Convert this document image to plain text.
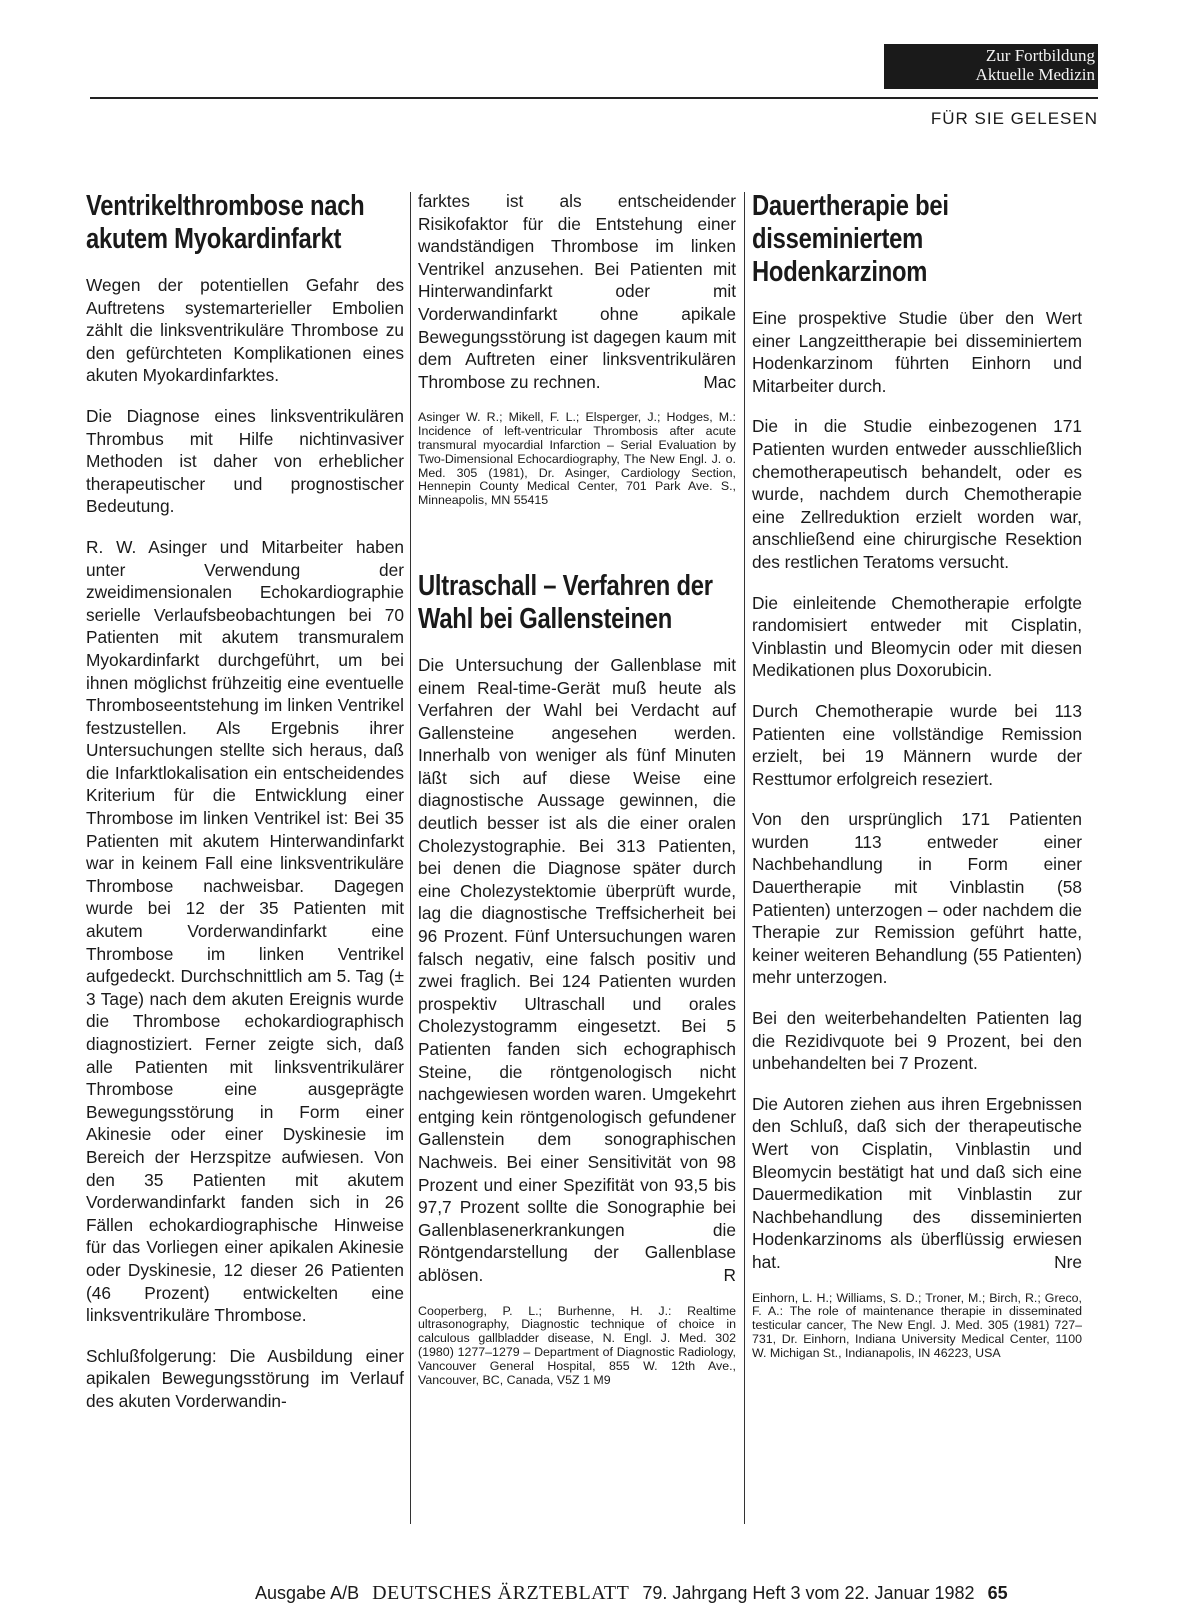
Zur Fortbildung
Aktuelle Medizin
FÜR SIE GELESEN
Ventrikelthrombose nach akutem Myokardinfarkt

Wegen der potentiellen Gefahr des Auftretens systemarterieller Embolien zählt die linksventrikuläre Thrombose zu den gefürchteten Komplikationen eines akuten Myokardinfarktes.

Die Diagnose eines linksventrikulären Thrombus mit Hilfe nichtinvasiver Methoden ist daher von erheblicher therapeutischer und prognostischer Bedeutung.

R. W. Asinger und Mitarbeiter haben unter Verwendung der zweidimensionalen Echokardiographie serielle Verlaufsbeobachtungen bei 70 Patienten mit akutem transmuralem Myokardinfarkt durchgeführt, um bei ihnen möglichst frühzeitig eine eventuelle Thromboseentstehung im linken Ventrikel festzustellen. Als Ergebnis ihrer Untersuchungen stellte sich heraus, daß die Infarktlokalisation ein entscheidendes Kriterium für die Entwicklung einer Thrombose im linken Ventrikel ist: Bei 35 Patienten mit akutem Hinterwandinfarkt war in keinem Fall eine linksventrikuläre Thrombose nachweisbar. Dagegen wurde bei 12 der 35 Patienten mit akutem Vorderwandinfarkt eine Thrombose im linken Ventrikel aufgedeckt. Durchschnittlich am 5. Tag (± 3 Tage) nach dem akuten Ereignis wurde die Thrombose echokardiographisch diagnostiziert. Ferner zeigte sich, daß alle Patienten mit linksventrikulärer Thrombose eine ausgeprägte Bewegungsstörung in Form einer Akinesie oder einer Dyskinesie im Bereich der Herzspitze aufwiesen. Von den 35 Patienten mit akutem Vorderwandinfarkt fanden sich in 26 Fällen echokardiographische Hinweise für das Vorliegen einer apikalen Akinesie oder Dyskinesie, 12 dieser 26 Patienten (46 Prozent) entwickelten eine linksventrikuläre Thrombose.

Schlußfolgerung: Die Ausbildung einer apikalen Bewegungsstörung im Verlauf des akuten Vorderwandin-

farktes ist als entscheidender Risikofaktor für die Entstehung einer wandständigen Thrombose im linken Ventrikel anzusehen. Bei Patienten mit Hinterwandinfarkt oder mit Vorderwandinfarkt ohne apikale Bewegungsstörung ist dagegen kaum mit dem Auftreten einer linksventrikulären Thrombose zu rechnen.	Mac

Asinger W. R.; Mikell, F. L.; Elsperger, J.; Hodges, M.: Incidence of left-ventricular Thrombosis after acute transmural myocardial Infarction – Serial Evaluation by Two-Dimensional Echocardiography, The New Engl. J. o. Med. 305 (1981), Dr. Asinger, Cardiology Section, Hennepin County Medical Center, 701 Park Ave. S., Minneapolis, MN 55415

Ultraschall – Verfahren der Wahl bei Gallensteinen

Die Untersuchung der Gallenblase mit einem Real-time-Gerät muß heute als Verfahren der Wahl bei Verdacht auf Gallensteine angesehen werden. Innerhalb von weniger als fünf Minuten läßt sich auf diese Weise eine diagnostische Aussage gewinnen, die deutlich besser ist als die einer oralen Cholezystographie. Bei 313 Patienten, bei denen die Diagnose später durch eine Cholezystektomie überprüft wurde, lag die diagnostische Treffsicherheit bei 96 Prozent. Fünf Untersuchungen waren falsch negativ, eine falsch positiv und zwei fraglich. Bei 124 Patienten wurden prospektiv Ultraschall und orales Cholezystogramm eingesetzt. Bei 5 Patienten fanden sich echographisch Steine, die röntgenologisch nicht nachgewiesen worden waren. Umgekehrt entging kein röntgenologisch gefundener Gallenstein dem sonographischen Nachweis. Bei einer Sensitivität von 98 Prozent und einer Spezifität von 93,5 bis 97,7 Prozent sollte die Sonographie bei Gallenblasenerkrankungen die Röntgendarstellung der Gallenblase ablösen.	R

Cooperberg, P. L.; Burhenne, H. J.: Realtime ultrasonography, Diagnostic technique of choice in calculous gallbladder disease, N. Engl. J. Med. 302 (1980) 1277–1279 – Department of Diagnostic Radiology, Vancouver General Hospital, 855 W. 12th Ave., Vancouver, BC, Canada, V5Z 1 M9

Dauertherapie bei disseminiertem Hodenkarzinom

Eine prospektive Studie über den Wert einer Langzeittherapie bei disseminiertem Hodenkarzinom führten Einhorn und Mitarbeiter durch.

Die in die Studie einbezogenen 171 Patienten wurden entweder ausschließlich chemotherapeutisch behandelt, oder es wurde, nachdem durch Chemotherapie eine Zellreduktion erzielt worden war, anschließend eine chirurgische Resektion des restlichen Teratoms versucht.

Die einleitende Chemotherapie erfolgte randomisiert entweder mit Cisplatin, Vinblastin und Bleomycin oder mit diesen Medikationen plus Doxorubicin.

Durch Chemotherapie wurde bei 113 Patienten eine vollständige Remission erzielt, bei 19 Männern wurde der Resttumor erfolgreich reseziert.

Von den ursprünglich 171 Patienten wurden 113 entweder einer Nachbehandlung in Form einer Dauertherapie mit Vinblastin (58 Patienten) unterzogen – oder nachdem die Therapie zur Remission geführt hatte, keiner weiteren Behandlung (55 Patienten) mehr unterzogen.

Bei den weiterbehandelten Patienten lag die Rezidivquote bei 9 Prozent, bei den unbehandelten bei 7 Prozent.

Die Autoren ziehen aus ihren Ergebnissen den Schluß, daß sich der therapeutische Wert von Cisplatin, Vinblastin und Bleomycin bestätigt hat und daß sich eine Dauermedikation mit Vinblastin zur Nachbehandlung des disseminierten Hodenkarzinoms als überflüssig erwiesen hat.	Nre

Einhorn, L. H.; Williams, S. D.; Troner, M.; Birch, R.; Greco, F. A.: The role of maintenance therapie in disseminated testicular cancer, The New Engl. J. Med. 305 (1981) 727–731, Dr. Einhorn, Indiana University Medical Center, 1100 W. Michigan St., Indianapolis, IN 46223, USA

Ausgabe A/B DEUTSCHES ÄRZTEBLATT 79. Jahrgang Heft 3 vom 22. Januar 1982 65
